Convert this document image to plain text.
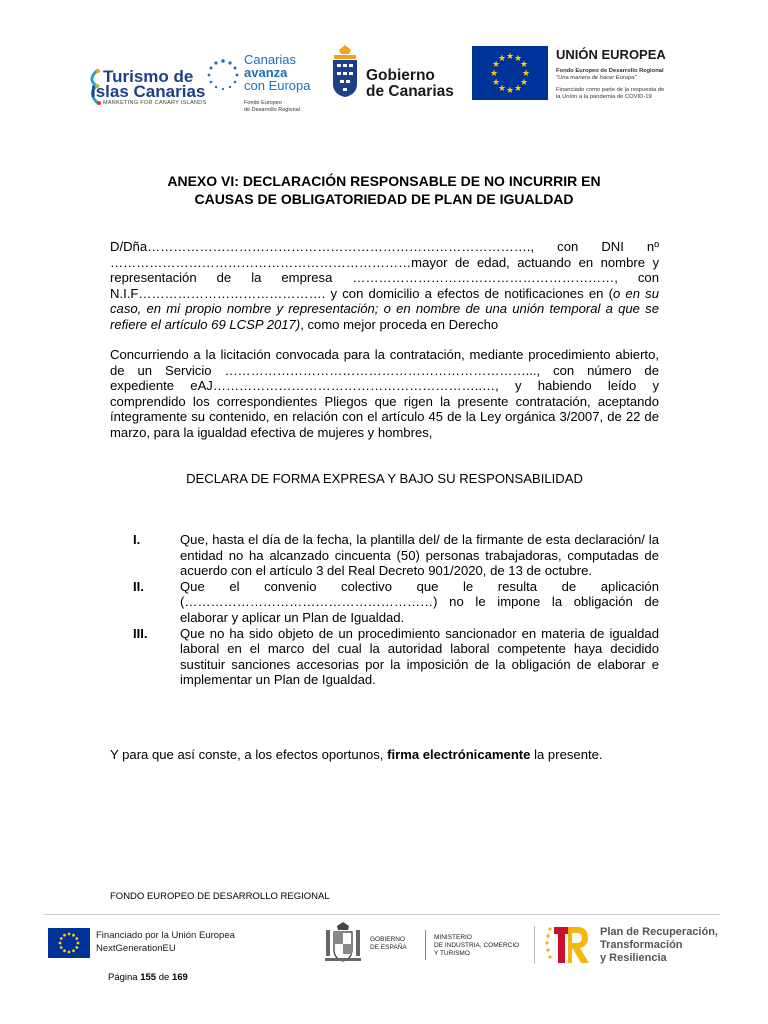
Turismo de
Islas Canarias
MARKETING FOR CANARY ISLANDS
Canarias
avanza
con Europa
Fondo Europeo
de Desarrollo Regional
Gobierno
de Canarias
★ ★
★
★
★
★
★
★
★
★
★
★	UNIÓN EUROPEA
Fondo Europeo de Desarrollo Regional
"Una manera de hacer Europa"
Financiado como parte de la respuesta de
la Unión a la pandemia de COVID-19
ANEXO VI: DECLARACIÓN RESPONSABLE DE NO INCURRIR EN
CAUSAS DE OBLIGATORIEDAD DE PLAN DE IGUALDAD
D/Dña……………………………………………………………………………., con DNI nº ……………………………………………………………mayor de edad, actuando en nombre y representación de la empresa ……………………………………………………, con N.I.F……………………………………. y con domicilio a efectos de notificaciones en (o en su caso, en mi propio nombre y representación; o en nombre de una unión temporal a que se refiere el artículo 69 LCSP 2017), como mejor proceda en Derecho
Concurriendo a la licitación convocada para la contratación, mediante procedimiento abierto, de un Servicio ……………………………………………………………..., con número de expediente eAJ……………………………………………………..…, y habiendo leído y comprendido los correspondientes Pliegos que rigen la presente contratación, aceptando íntegramente su contenido, en relación con el artículo 45 de la Ley orgánica 3/2007, de 22 de marzo, para la igualdad efectiva de mujeres y hombres,
DECLARA DE FORMA EXPRESA Y BAJO SU RESPONSABILIDAD
I.	Que, hasta el día de la fecha, la plantilla del/ de la firmante de esta declaración/ la entidad no ha alcanzado cincuenta (50) personas trabajadoras, computadas de acuerdo con el artículo 3 del Real Decreto 901/2020, de 13 de octubre.
II.	Que el convenio colectivo que le resulta de aplicación (…………………………………………………) no le impone la obligación de elaborar y aplicar un Plan de Igualdad.
III.	Que no ha sido objeto de un procedimiento sancionador en materia de igualdad laboral en el marco del cual la autoridad laboral competente haya decidido sustituir sanciones accesorias por la imposición de la obligación de elaborar e implementar un Plan de Igualdad.
Y para que así conste, a los efectos oportunos, firma electrónicamente la presente.
FONDO EUROPEO DE DESARROLLO REGIONAL
Financiado por la Unión Europea
NextGenerationEU
GOBIERNO
DE ESPAÑA
MINISTERIO
DE INDUSTRIA, COMERCIO
Y TURISMO
Plan de Recuperación,
Transformación
y Resiliencia
Página 155 de 169
